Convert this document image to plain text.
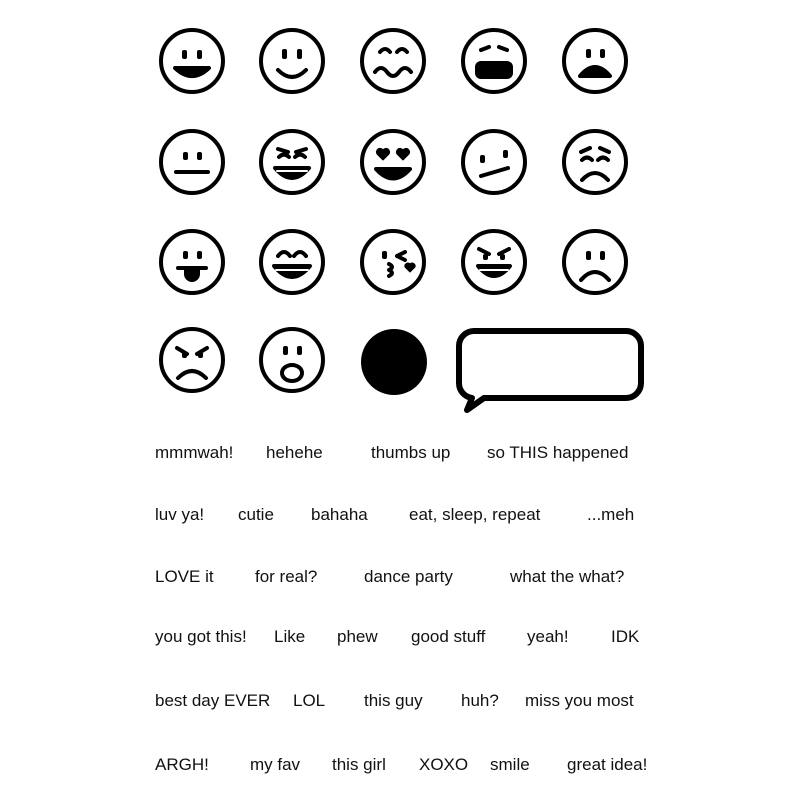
mmmwah! hehehe	thumbs up so THIS happened
luv ya! cutie bahaha eat, sleep, repeat	...meh
LOVE it for real?	dance party	what the what?
you got this! Like phew good stuff yeah! IDK
best day EVER LOL this guy huh? miss you most
ARGH! my fav this girl XOXO smile great idea!
